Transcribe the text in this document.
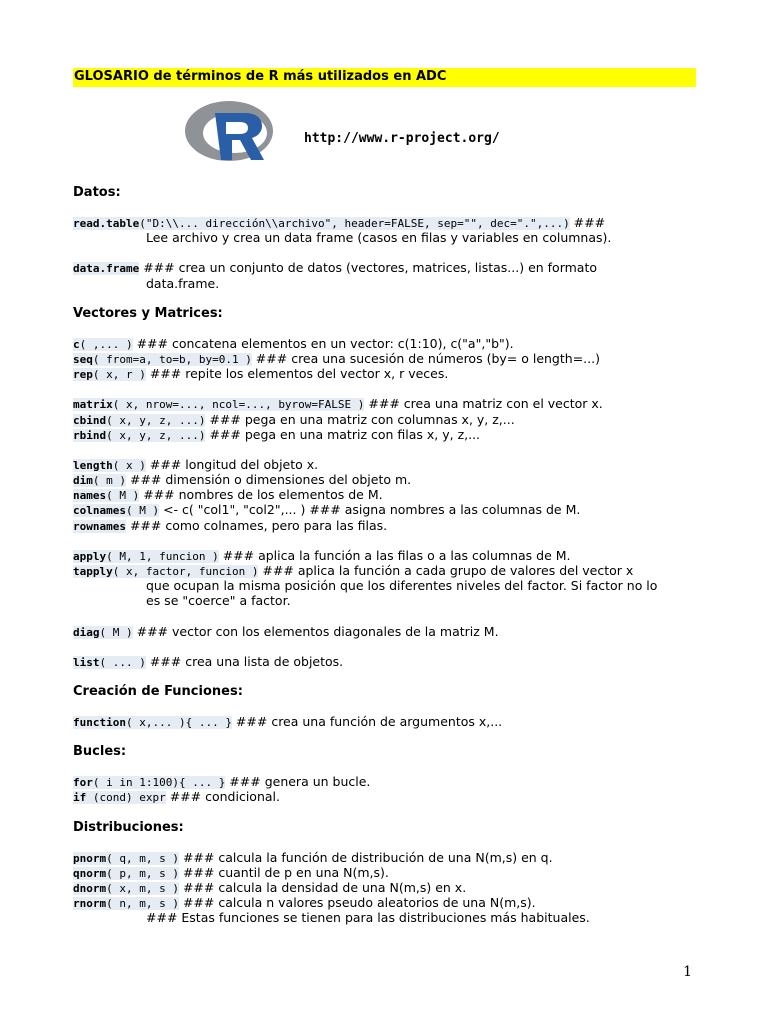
GLOSARIO de términos de R más utilizados en ADC
http://www.r-project.org/
Datos:
read.table("D:\\... dirección\\archivo", header=FALSE, sep="", dec=".",...) ###
Lee archivo y crea un data frame (casos en filas y variables en columnas).
data.frame ### crea un conjunto de datos (vectores, matrices, listas...) en formato
data.frame.
Vectores y Matrices:
c( ,... ) ### concatena elementos en un vector: c(1:10), c("a","b").
seq( from=a, to=b, by=0.1 ) ### crea una sucesión de números (by= o length=...)
rep( x, r ) ### repite los elementos del vector x, r veces.
matrix( x, nrow=..., ncol=..., byrow=FALSE ) ### crea una matriz con el vector x.
cbind( x, y, z, ...) ### pega en una matriz con columnas x, y, z,...
rbind( x, y, z, ...) ### pega en una matriz con filas x, y, z,...
length( x ) ### longitud del objeto x.
dim( m ) ### dimensión o dimensiones del objeto m.
names( M ) ### nombres de los elementos de M.
colnames( M ) <- c( "col1", "col2",... ) ### asigna nombres a las columnas de M.
rownames ### como colnames, pero para las filas.
apply( M, 1, funcion ) ### aplica la función a las filas o a las columnas de M.
tapply( x, factor, funcion ) ### aplica la función a cada grupo de valores del vector x
que ocupan la misma posición que los diferentes niveles del factor. Si factor no lo
es se "coerce" a factor.
diag( M ) ### vector con los elementos diagonales de la matriz M.
list( ... ) ### crea una lista de objetos.
Creación de Funciones:
function( x,... ){ ... } ### crea una función de argumentos x,...
Bucles:
for( i in 1:100){ ... } ### genera un bucle.
if (cond) expr ### condicional.
Distribuciones:
pnorm( q, m, s ) ### calcula la función de distribución de una N(m,s) en q.
qnorm( p, m, s ) ### cuantil de p en una N(m,s).
dnorm( x, m, s ) ### calcula la densidad de una N(m,s) en x.
rnorm( n, m, s ) ### calcula n valores pseudo aleatorios de una N(m,s).
### Estas funciones se tienen para las distribuciones más habituales.
1
